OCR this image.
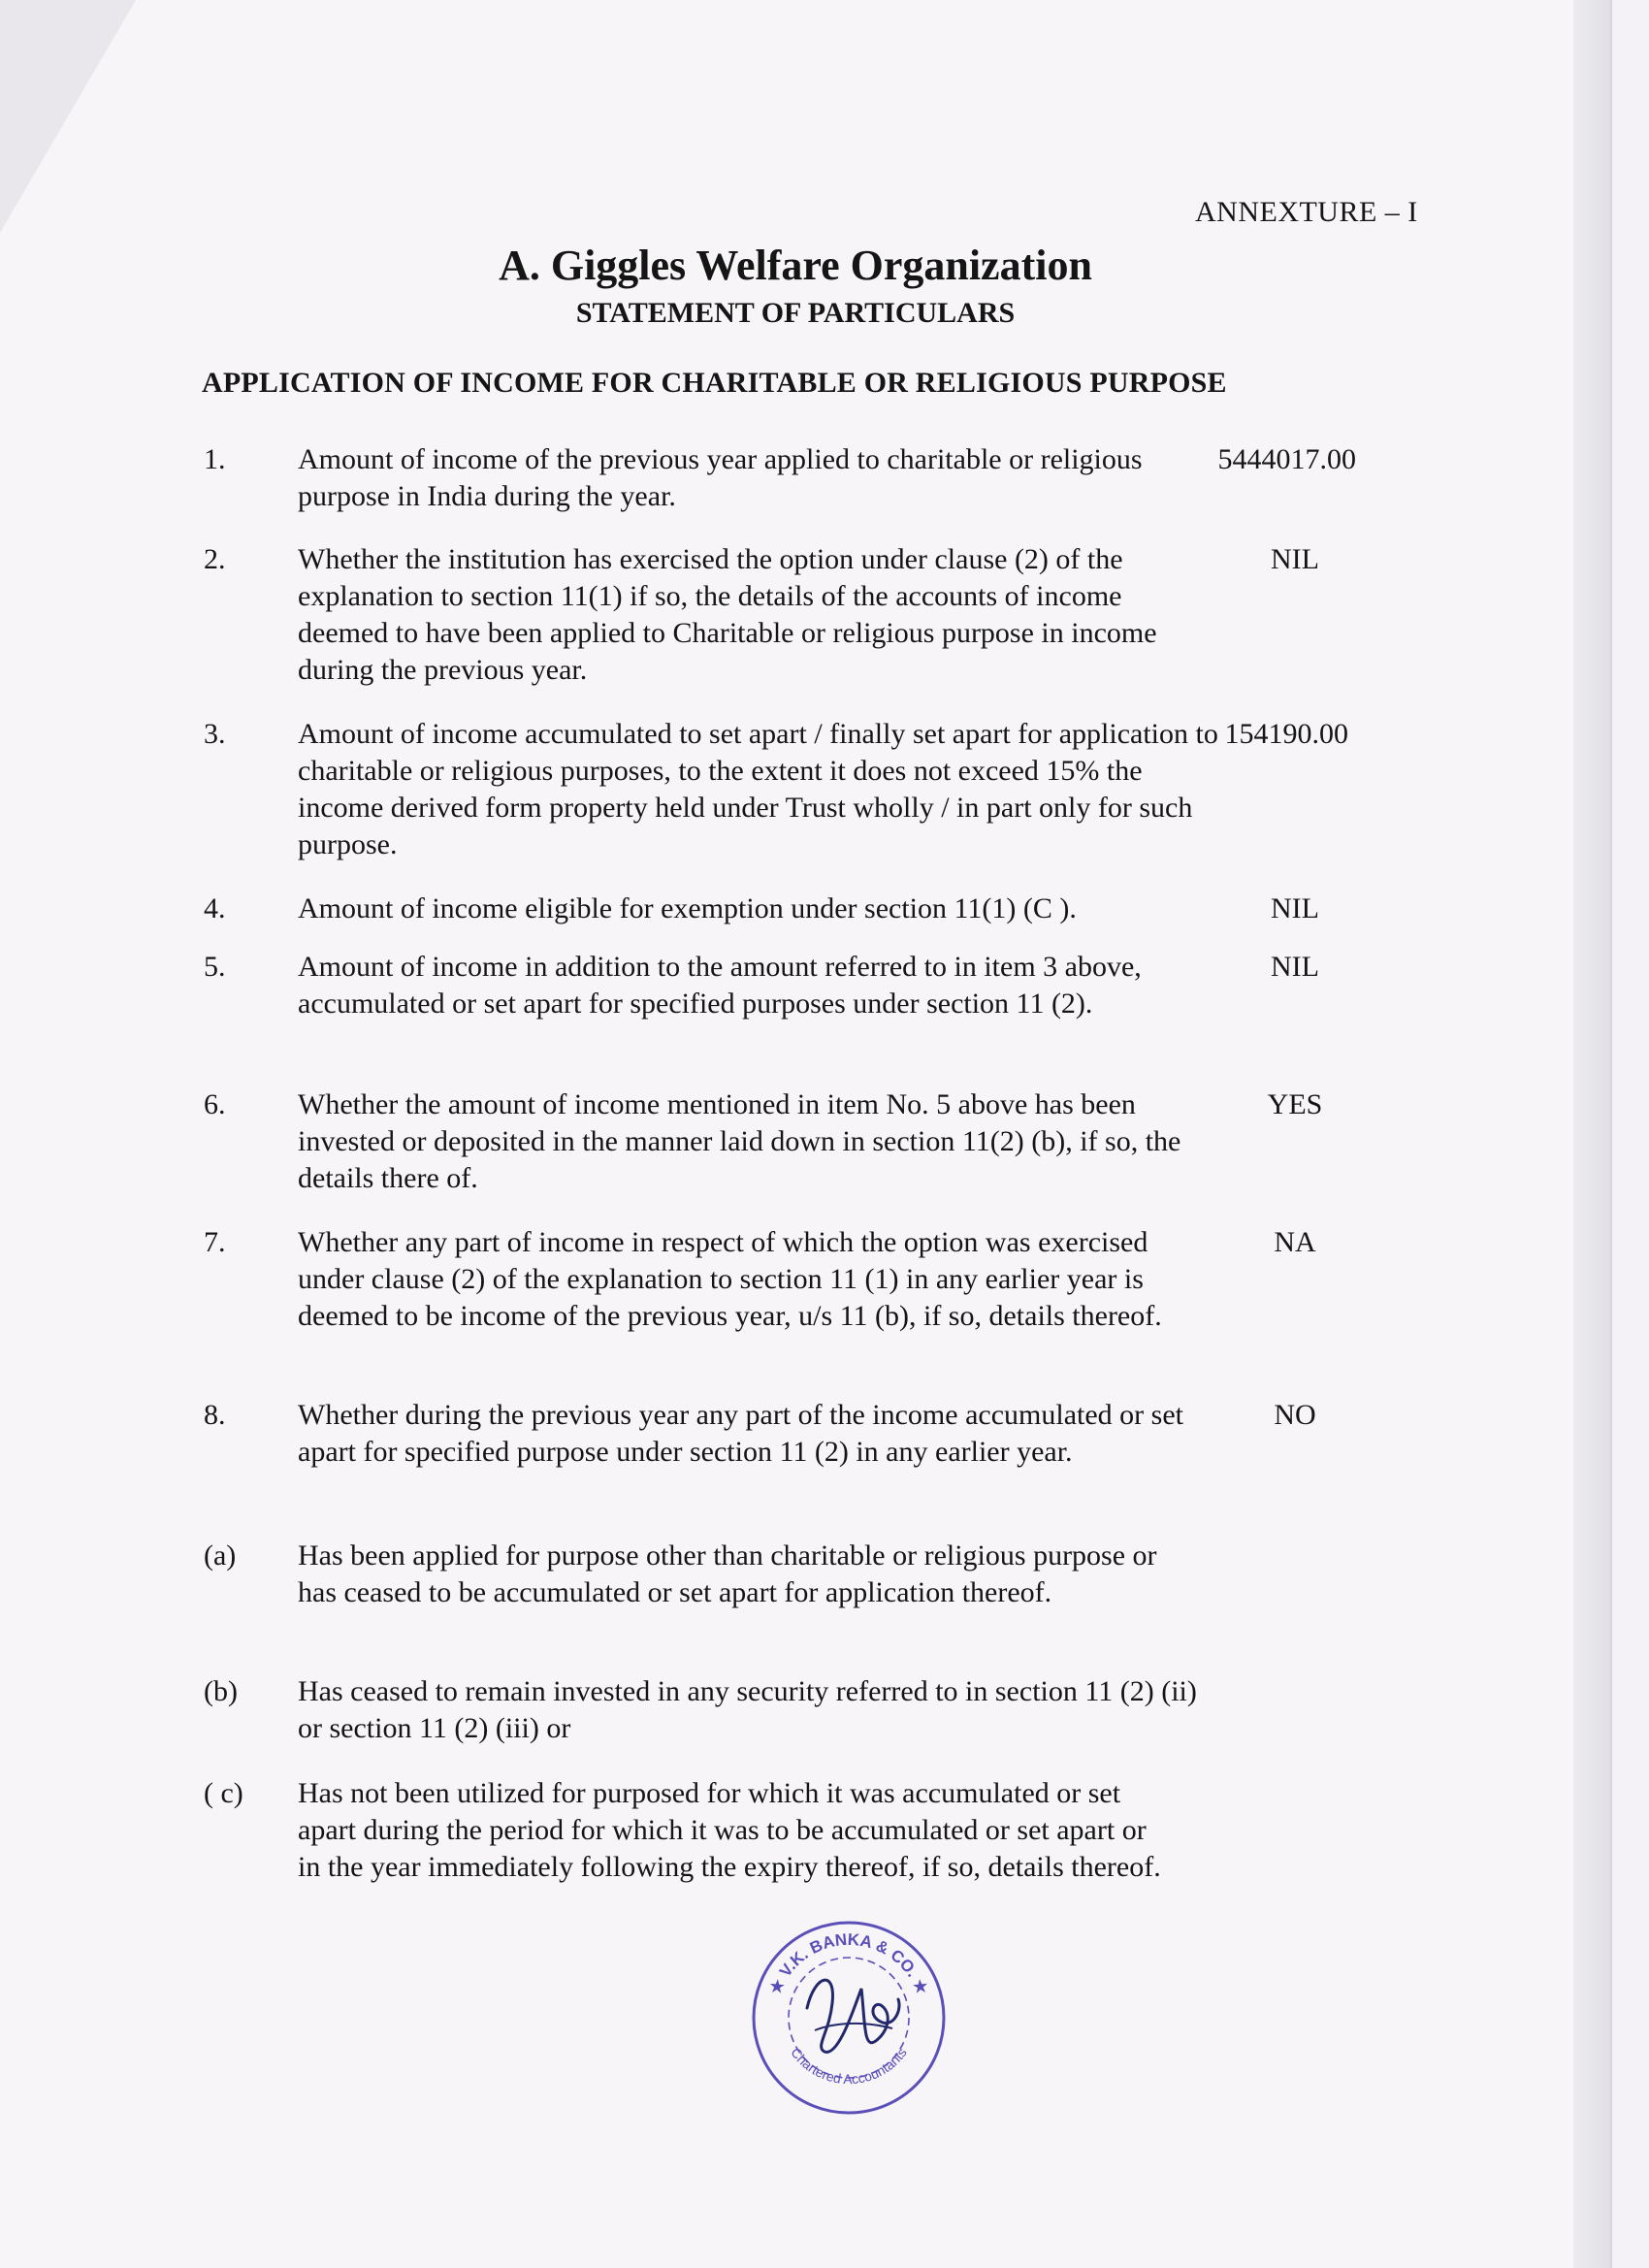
ANNEXTURE – I
A. Giggles Welfare Organization
STATEMENT OF PARTICULARS
APPLICATION OF INCOME FOR CHARITABLE OR RELIGIOUS PURPOSE
1. Amount of income of the previous year applied to charitable or religious purpose in India during the year.
5444017.00
2. Whether the institution has exercised the option under clause (2) of the explanation to section 11(1) if so, the details of the accounts of income deemed to have been applied to Charitable or religious purpose in income during the previous year.
NIL
3. Amount of income accumulated to set apart / finally set apart for application to charitable or religious purposes, to the extent it does not exceed 15% the income derived form property held under Trust wholly / in part only for such purpose.
154190.00
4. Amount of income eligible for exemption under section 11(1) (C ).	NIL
5. Amount of income in addition to the amount referred to in item 3 above, accumulated or set apart for specified purposes under section 11 (2).
NIL
6. Whether the amount of income mentioned in item No. 5 above has been invested or deposited in the manner laid down in section 11(2) (b), if so, the details there of.
YES
7. Whether any part of income in respect of which the option was exercised under clause (2) of the explanation to section 11 (1) in any earlier year is deemed to be income of the previous year, u/s 11 (b), if so, details thereof.
NA
8. Whether during the previous year any part of the income accumulated or set apart for specified purpose under section 11 (2) in any earlier year.
NO
(a) Has been applied for purpose other than charitable or religious purpose or has ceased to be accumulated or set apart for application thereof.
(b) Has ceased to remain invested in any security referred to in section 11 (2) (ii) or section 11 (2) (iii) or
( c) Has not been utilized for purposed for which it was accumulated or set apart during the period for which it was to be accumulated or set apart or in the year immediately following the expiry thereof, if so, details thereof.
★ V.K. BANKA & CO. ★
Chartered Accountants
